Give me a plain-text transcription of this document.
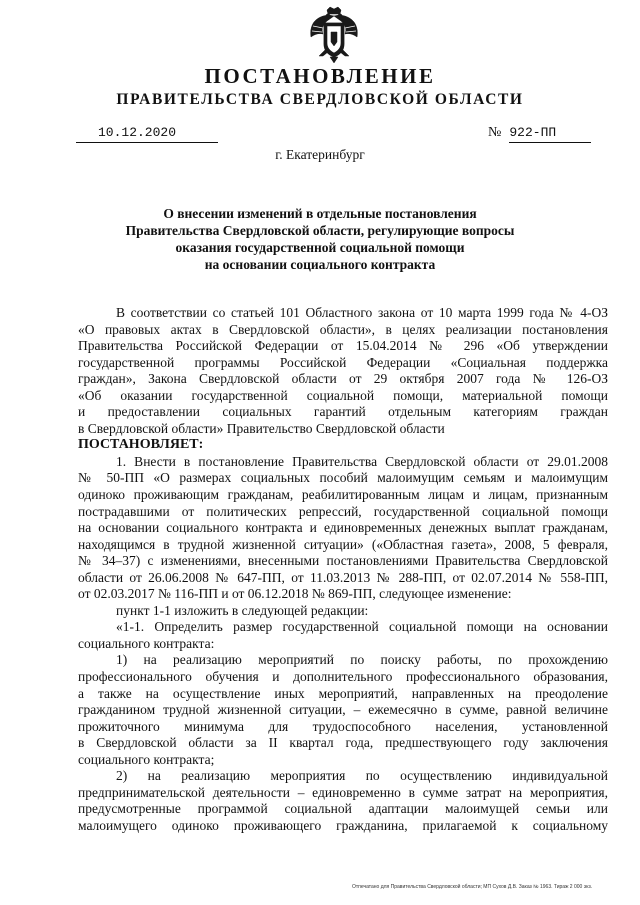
ПОСТАНОВЛЕНИЕ
ПРАВИТЕЛЬСТВА СВЕРДЛОВСКОЙ ОБЛАСТИ
10.12.2020	№ 922-ПП
г. Екатеринбург
О внесении изменений в отдельные постановления
Правительства Свердловской области, регулирующие вопросы
оказания государственной социальной помощи
на основании социального контракта

В соответствии со статьей 101 Областного закона от 10 марта 1999 года № 4-ОЗ

«О правовых актах в Свердловской области», в целях реализации постановления

Правительства Российской Федерации от 15.04.2014 № 296 «Об утверждении

государственной программы Российской Федерации «Социальная поддержка

граждан», Закона Свердловской области от 29 октября 2007 года № 126-ОЗ

«Об оказании государственной социальной помощи, материальной помощи

и предоставлении социальных гарантий отдельным категориям граждан

в Свердловской области» Правительство Свердловской области

ПОСТАНОВЛЯЕТ:

1. Внести в постановление Правительства Свердловской области от 29.01.2008

№ 50-ПП «О размерах социальных пособий малоимущим семьям и малоимущим

одиноко проживающим гражданам, реабилитированным лицам и лицам, признанным

пострадавшими от политических репрессий, государственной социальной помощи

на основании социального контракта и единовременных денежных выплат гражданам,

находящимся в трудной жизненной ситуации» («Областная газета», 2008, 5 февраля,

№ 34–37) с изменениями, внесенными постановлениями Правительства Свердловской

области от 26.06.2008 № 647-ПП, от 11.03.2013 № 288-ПП, от 02.07.2014 № 558-ПП,

от 02.03.2017 № 116-ПП и от 06.12.2018 № 869-ПП, следующее изменение:

пункт 1-1 изложить в следующей редакции:

«1-1. Определить размер государственной социальной помощи на основании

социального контракта:

1) на реализацию мероприятий по поиску работы, по прохождению

профессионального обучения и дополнительного профессионального образования,

а также на осуществление иных мероприятий, направленных на преодоление

гражданином трудной жизненной ситуации, – ежемесячно в сумме, равной величине

прожиточного минимума для трудоспособного населения, установленной

в Свердловской области за II квартал года, предшествующего году заключения

социального контракта;

2) на реализацию мероприятия по осуществлению индивидуальной

предпринимательской деятельности – единовременно в сумме затрат на мероприятия,

предусмотренные программой социальной адаптации малоимущей семьи или

малоимущего одиноко проживающего гражданина, прилагаемой к социальному

Отпечатано для Правительства Свердловской области; МП Сухов Д.В. Заказ № 1963. Тираж 2 000 экз.
